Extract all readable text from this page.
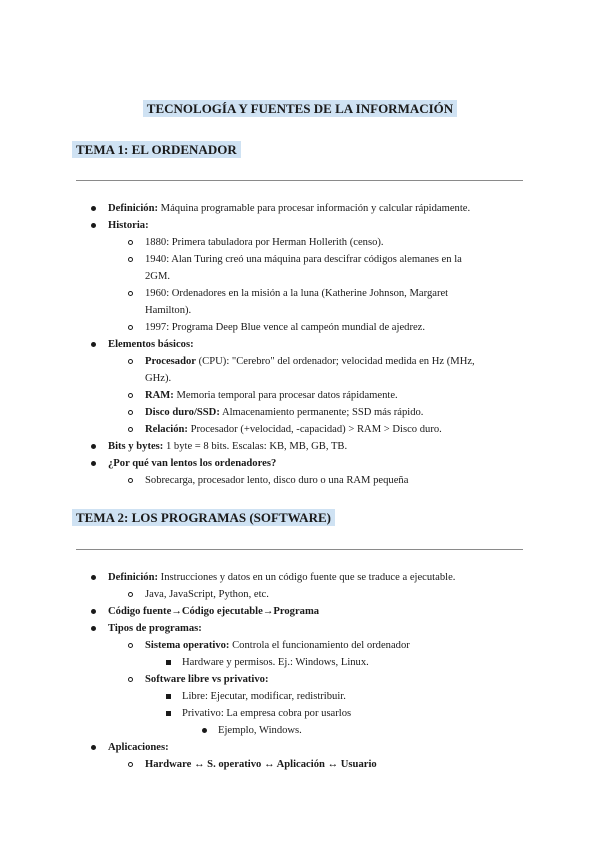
TECNOLOGÍA Y FUENTES DE LA INFORMACIÓN
TEMA 1: EL ORDENADOR
Definición: Máquina programable para procesar información y calcular rápidamente.
Historia:
1880: Primera tabuladora por Herman Hollerith (censo).
1940: Alan Turing creó una máquina para descifrar códigos alemanes en la
2GM.
1960: Ordenadores en la misión a la luna (Katherine Johnson, Margaret
Hamilton).
1997: Programa Deep Blue vence al campeón mundial de ajedrez.
Elementos básicos:
Procesador (CPU): "Cerebro" del ordenador; velocidad medida en Hz (MHz,
GHz).
RAM: Memoria temporal para procesar datos rápidamente.
Disco duro/SSD: Almacenamiento permanente; SSD más rápido.
Relación: Procesador (+velocidad, -capacidad) > RAM > Disco duro.
Bits y bytes: 1 byte = 8 bits. Escalas: KB, MB, GB, TB.
¿Por qué van lentos los ordenadores?
Sobrecarga, procesador lento, disco duro o una RAM pequeña
TEMA 2: LOS PROGRAMAS (SOFTWARE)
Definición: Instrucciones y datos en un código fuente que se traduce a ejecutable.
Java, JavaScript, Python, etc.
Código fuente→Código ejecutable→Programa
Tipos de programas:
Sistema operativo: Controla el funcionamiento del ordenador
Hardware y permisos. Ej.: Windows, Linux.
Software libre vs privativo:
Libre: Ejecutar, modificar, redistribuir.
Privativo: La empresa cobra por usarlos
Ejemplo, Windows.
Aplicaciones:
Hardware ↔ S. operativo ↔ Aplicación ↔ Usuario
